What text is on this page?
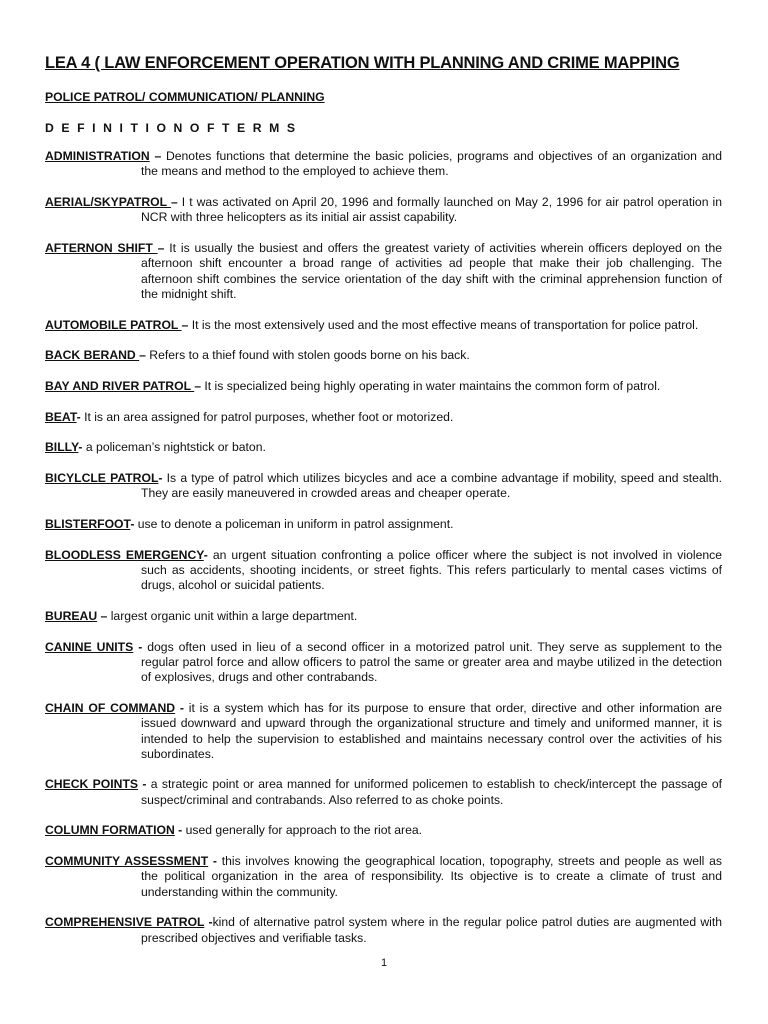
LEA 4 ( LAW ENFORCEMENT OPERATION WITH PLANNING AND CRIME MAPPING
POLICE PATROL/ COMMUNICATION/ PLANNING
D E F I N I T I O N O F T E R M S
ADMINISTRATION – Denotes functions that determine the basic policies, programs and objectives of an organization and the means and method to the employed to achieve them.
AERIAL/SKYPATROL – I t was activated on April 20, 1996 and formally launched on May 2, 1996 for air patrol operation in NCR with three helicopters as its initial air assist capability.
AFTERNON SHIFT – It is usually the busiest and offers the greatest variety of activities wherein officers deployed on the afternoon shift encounter a broad range of activities ad people that make their job challenging. The afternoon shift combines the service orientation of the day shift with the criminal apprehension function of the midnight shift.
AUTOMOBILE PATROL – It is the most extensively used and the most effective means of transportation for police patrol.
BACK BERAND – Refers to a thief found with stolen goods borne on his back.
BAY AND RIVER PATROL – It is specialized being highly operating in water maintains the common form of patrol.
BEAT- It is an area assigned for patrol purposes, whether foot or motorized.
BILLY- a policeman’s nightstick or baton.
BICYLCLE PATROL- Is a type of patrol which utilizes bicycles and ace a combine advantage if mobility, speed and stealth. They are easily maneuvered in crowded areas and cheaper operate.
BLISTERFOOT- use to denote a policeman in uniform in patrol assignment.
BLOODLESS EMERGENCY- an urgent situation confronting a police officer where the subject is not involved in violence such as accidents, shooting incidents, or street fights. This refers particularly to mental cases victims of drugs, alcohol or suicidal patients.
BUREAU – largest organic unit within a large department.
CANINE UNITS - dogs often used in lieu of a second officer in a motorized patrol unit. They serve as supplement to the regular patrol force and allow officers to patrol the same or greater area and maybe utilized in the detection of explosives, drugs and other contrabands.
CHAIN OF COMMAND - it is a system which has for its purpose to ensure that order, directive and other information are issued downward and upward through the organizational structure and timely and uniformed manner, it is intended to help the supervision to established and maintains necessary control over the activities of his subordinates.
CHECK POINTS - a strategic point or area manned for uniformed policemen to establish to check/intercept the passage of suspect/criminal and contrabands. Also referred to as choke points.
COLUMN FORMATION - used generally for approach to the riot area.
COMMUNITY ASSESSMENT - this involves knowing the geographical location, topography, streets and people as well as the political organization in the area of responsibility. Its objective is to create a climate of trust and understanding within the community.
COMPREHENSIVE PATROL -kind of alternative patrol system where in the regular police patrol duties are augmented with prescribed objectives and verifiable tasks.
1
